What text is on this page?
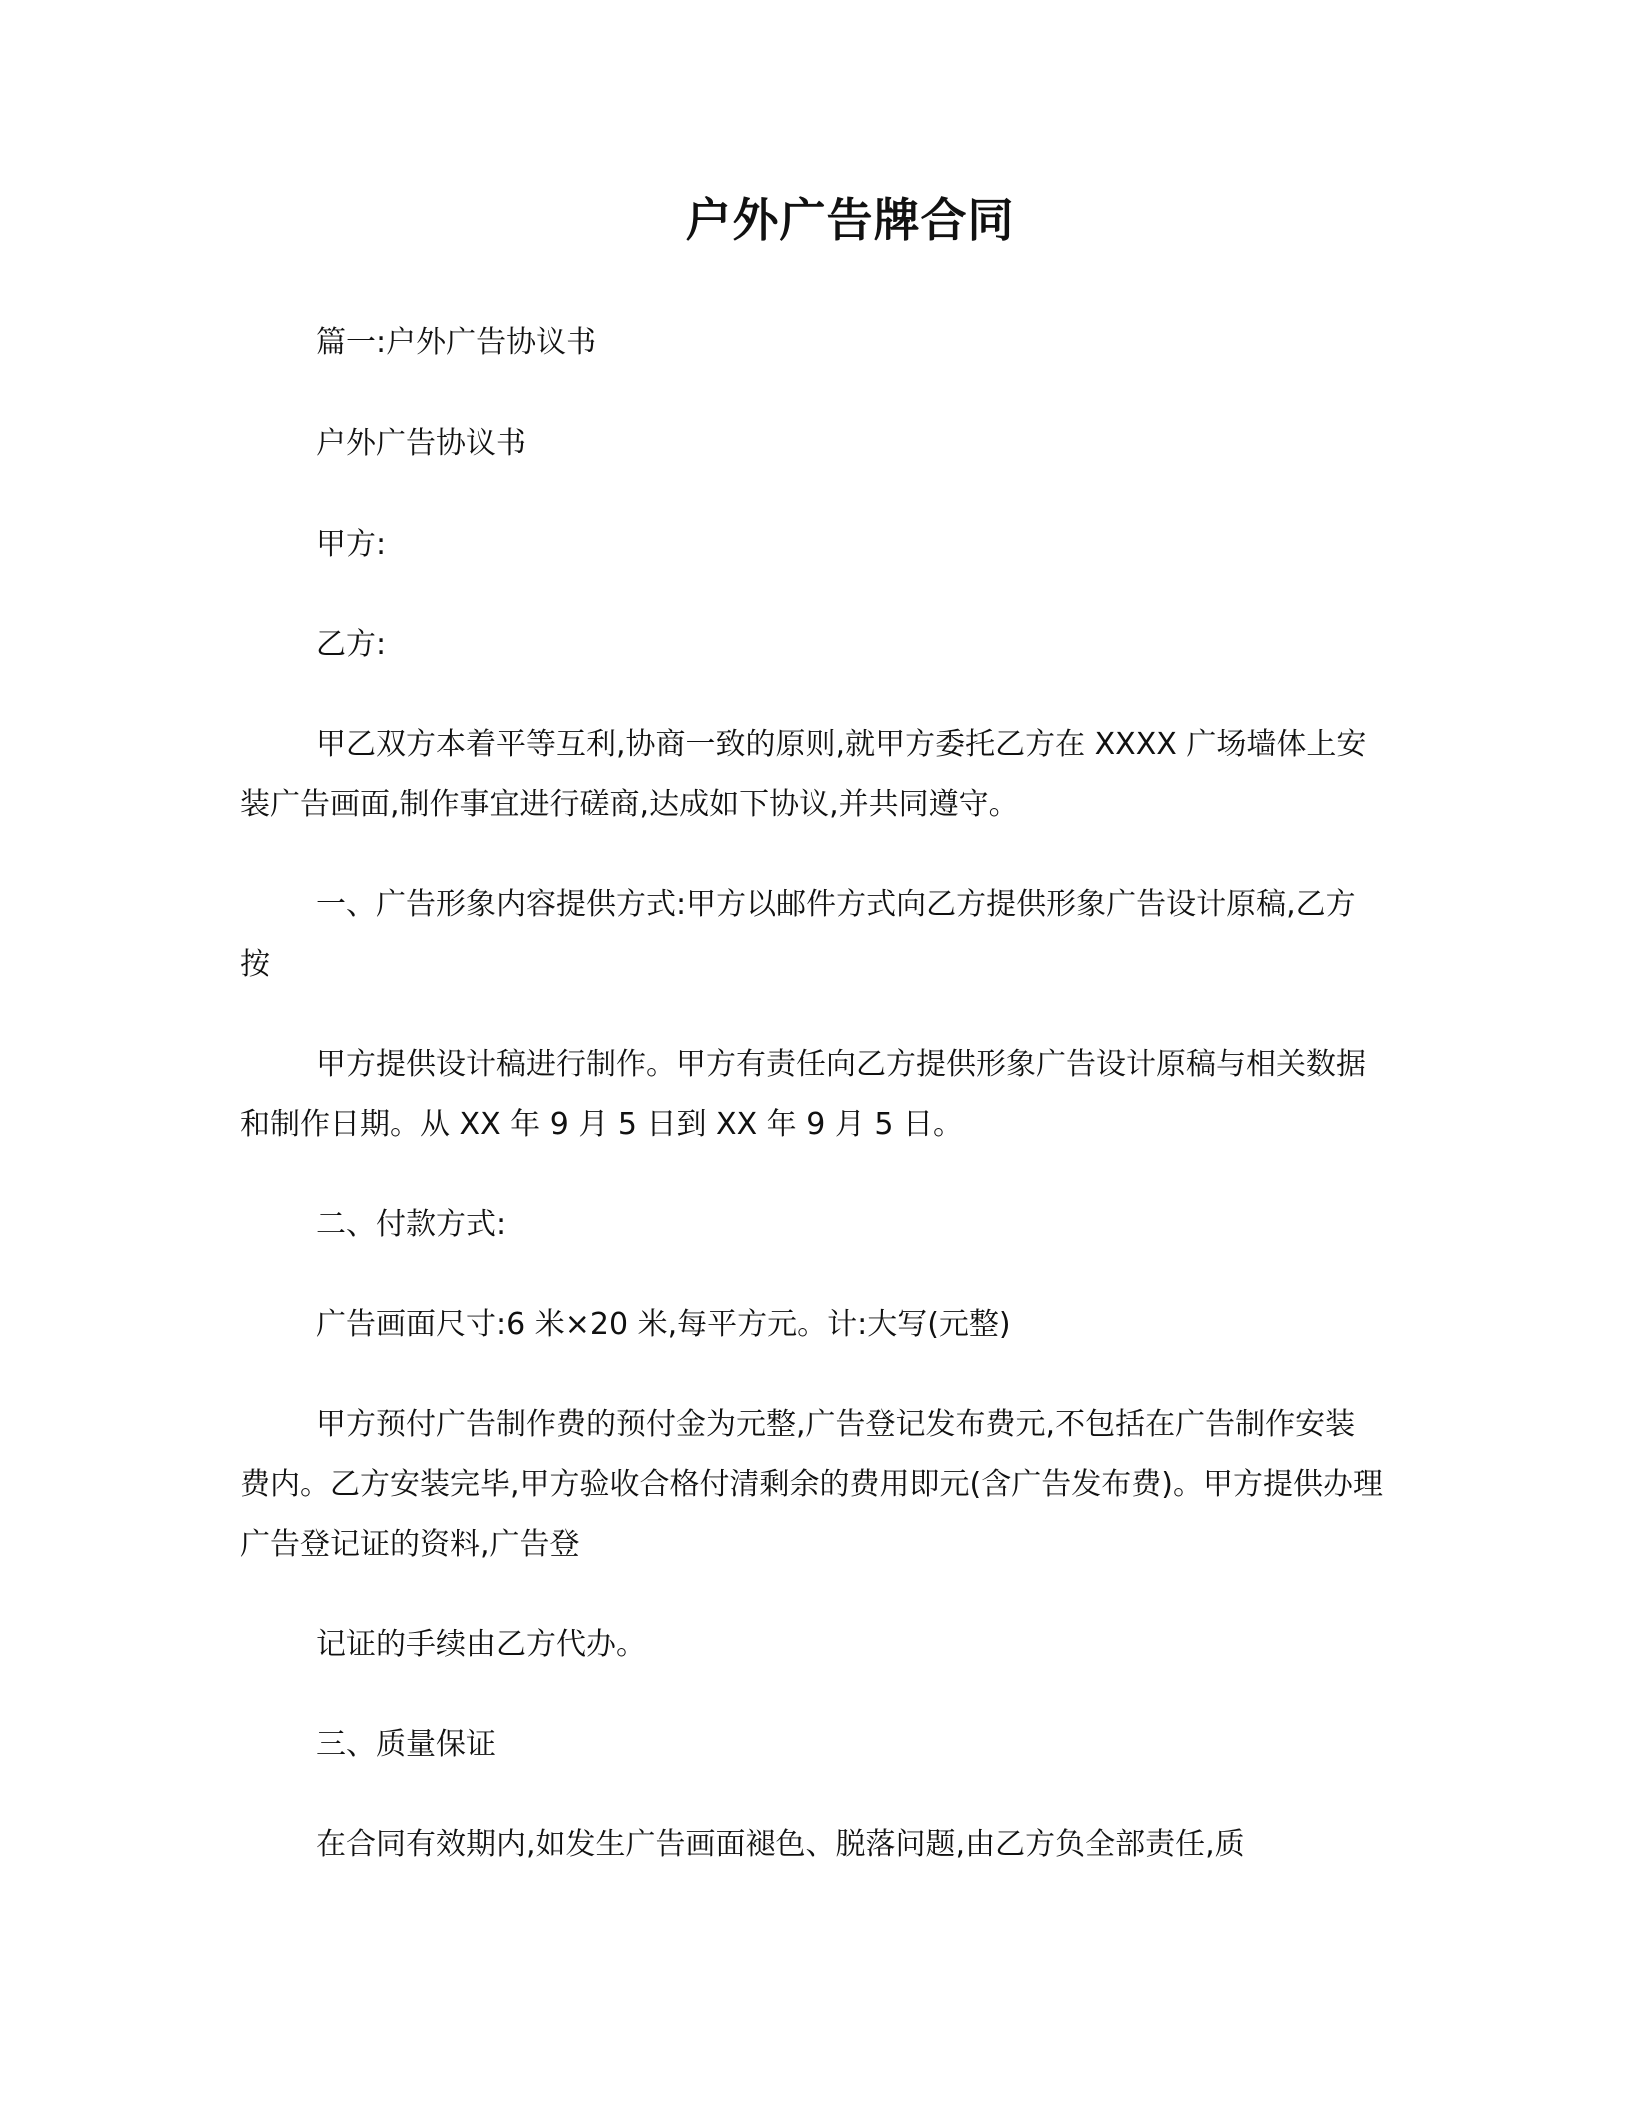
户外广告牌合同

篇一:户外广告协议书

户外广告协议书

甲方:

乙方:

甲乙双方本着平等互利,协商一致的原则,就甲方委托乙方在 XXXX 广场墙体上安装广告画面,制作事宜进行磋商,达成如下协议,并共同遵守。

一、广告形象内容提供方式:甲方以邮件方式向乙方提供形象广告设计原稿,乙方按

甲方提供设计稿进行制作。甲方有责任向乙方提供形象广告设计原稿与相关数据和制作日期。从 XX 年 9 月 5 日到 XX 年 9 月 5 日。

二、付款方式:

广告画面尺寸:6 米×20 米,每平方元。计:大写(元整)

甲方预付广告制作费的预付金为元整,广告登记发布费元,不包括在广告制作安装费内。乙方安装完毕,甲方验收合格付清剩余的费用即元(含广告发布费)。甲方提供办理广告登记证的资料,广告登

记证的手续由乙方代办。

三、质量保证

在合同有效期内,如发生广告画面褪色、脱落问题,由乙方负全部责任,质
